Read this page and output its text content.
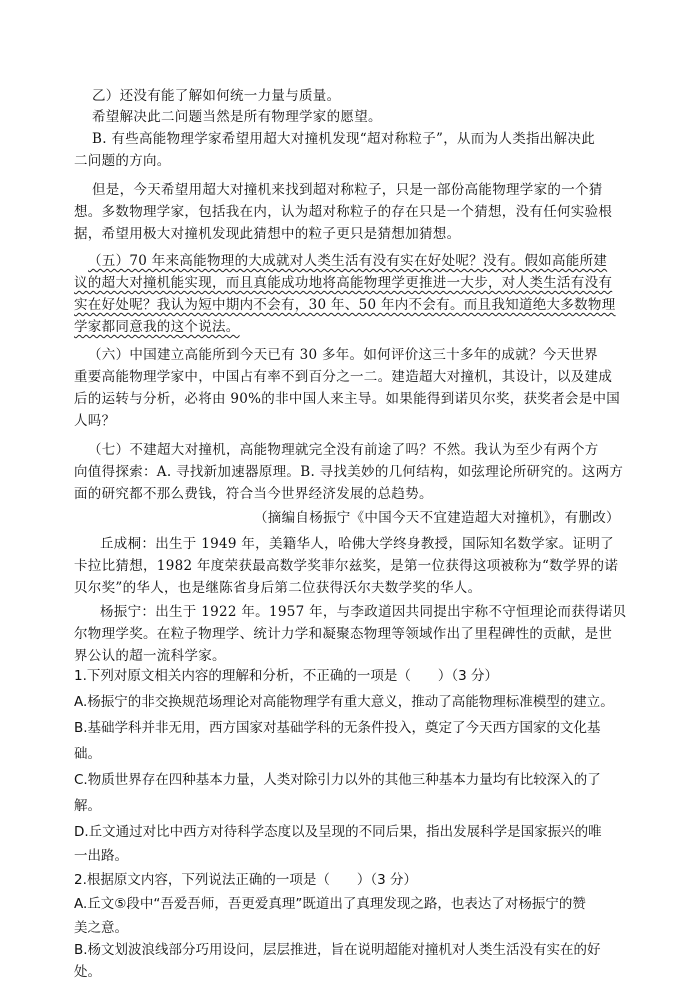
乙）还没有能了解如何统一力量与质量。
希望解决此二问题当然是所有物理学家的愿望。
B. 有些高能物理学家希望用超大对撞机发现“超对称粒子”，从而为人类指出解决此
二问题的方向。
但是，今天希望用超大对撞机来找到超对称粒子，只是一部份高能物理学家的一个猜
想。多数物理学家，包括我在内，认为超对称粒子的存在只是一个猜想，没有任何实验根
据，希望用极大对撞机发现此猜想中的粒子更只是猜想加猜想。
（五）70 年来高能物理的大成就对人类生活有没有实在好处呢？没有。假如高能所建
议的超大对撞机能实现，而且真能成功地将高能物理学更推进一大步，对人类生活有没有
实在好处呢？我认为短中期内不会有，30 年、50 年内不会有。而且我知道绝大多数物理
学家都同意我的这个说法。
（六）中国建立高能所到今天已有 30 多年。如何评价这三十多年的成就？今天世界
重要高能物理学家中，中国占有率不到百分之一二。建造超大对撞机，其设计，以及建成
后的运转与分析，必将由 90%的非中国人来主导。如果能得到诺贝尔奖，获奖者会是中国
人吗？
（七）不建超大对撞机，高能物理就完全没有前途了吗？不然。我认为至少有两个方
向值得探索：A. 寻找新加速器原理。B. 寻找美妙的几何结构，如弦理论所研究的。这两方
面的研究都不那么费钱，符合当今世界经济发展的总趋势。
（摘编自杨振宁《中国今天不宜建造超大对撞机》，有删改）
丘成桐：出生于 1949 年，美籍华人，哈佛大学终身教授，国际知名数学家。证明了
卡拉比猜想，1982 年度荣获最高数学奖菲尔兹奖，是第一位获得这项被称为“数学界的诺
贝尔奖”的华人，也是继陈省身后第二位获得沃尔夫数学奖的华人。
杨振宁：出生于 1922 年。1957 年，与李政道因共同提出宇称不守恒理论而获得诺贝
尔物理学奖。在粒子物理学、统计力学和凝聚态物理等领域作出了里程碑性的贡献，是世
界公认的超一流科学家。
1.下列对原文相关内容的理解和分析，不正确的一项是（　　）（3 分）
A.杨振宁的非交换规范场理论对高能物理学有重大意义，推动了高能物理标准模型的建立。
B.基础学科并非无用，西方国家对基础学科的无条件投入，奠定了今天西方国家的文化基
础。
C.物质世界存在四种基本力量，人类对除引力以外的其他三种基本力量均有比较深入的了
解。
D.丘文通过对比中西方对待科学态度以及呈现的不同后果，指出发展科学是国家振兴的唯
一出路。
2.根据原文内容，下列说法正确的一项是（　　）（3 分）
A.丘文⑤段中“吾爱吾师，吾更爱真理”既道出了真理发现之路，也表达了对杨振宁的赞
美之意。
B.杨文划波浪线部分巧用设问，层层推进，旨在说明超能对撞机对人类生活没有实在的好
处。
